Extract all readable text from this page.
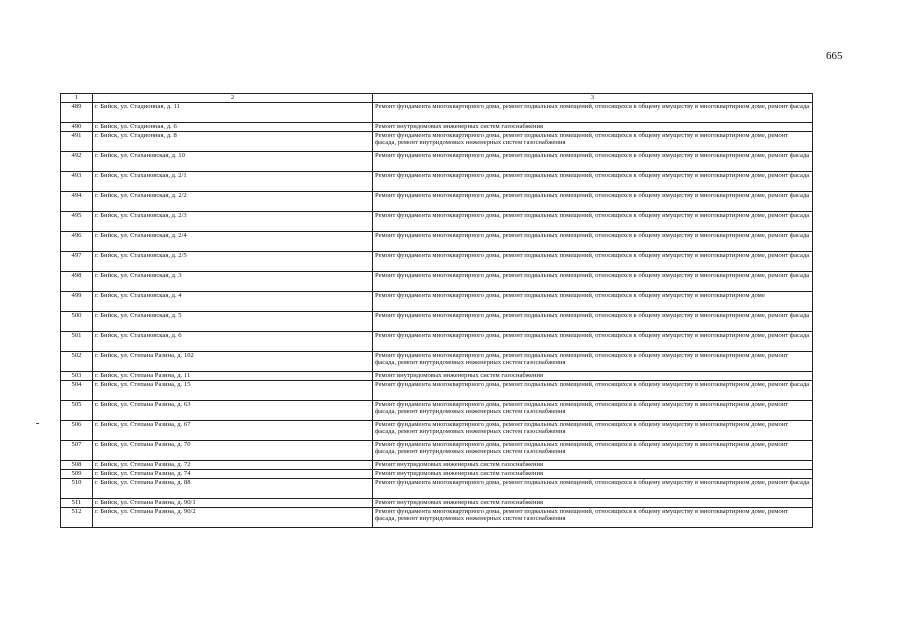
665
1	2	3
489	г. Бийск, ул. Стадионная, д. 11	Ремонт фундамента многоквартирного дома, ремонт подвальных помещений, относящихся к общему имуществу в многоквартирном доме, ремонт фасада
490	г. Бийск, ул. Стадионная, д. 6	Ремонт внутридомовых инженерных систем газоснабжения
491	г. Бийск, ул. Стадионная, д. 8	Ремонт фундамента многоквартирного дома, ремонт подвальных помещений, относящихся к общему имуществу в многоквартирном доме, ремонт фасада, ремонт внутридомовых инженерных систем газоснабжения
492	г. Бийск, ул. Стахановская, д. 10	Ремонт фундамента многоквартирного дома, ремонт подвальных помещений, относящихся к общему имуществу в многоквартирном доме, ремонт фасада
493	г. Бийск, ул. Стахановская, д. 2/1	Ремонт фундамента многоквартирного дома, ремонт подвальных помещений, относящихся к общему имуществу в многоквартирном доме, ремонт фасада
494	г. Бийск, ул. Стахановская, д. 2/2	Ремонт фундамента многоквартирного дома, ремонт подвальных помещений, относящихся к общему имуществу в многоквартирном доме, ремонт фасада
495	г. Бийск, ул. Стахановская, д. 2/3	Ремонт фундамента многоквартирного дома, ремонт подвальных помещений, относящихся к общему имуществу в многоквартирном доме, ремонт фасада
496	г. Бийск, ул. Стахановская, д. 2/4	Ремонт фундамента многоквартирного дома, ремонт подвальных помещений, относящихся к общему имуществу в многоквартирном доме, ремонт фасада
497	г. Бийск, ул. Стахановская, д. 2/5	Ремонт фундамента многоквартирного дома, ремонт подвальных помещений, относящихся к общему имуществу в многоквартирном доме, ремонт фасада
498	г. Бийск, ул. Стахановская, д. 3	Ремонт фундамента многоквартирного дома, ремонт подвальных помещений, относящихся к общему имуществу в многоквартирном доме, ремонт фасада
499	г. Бийск, ул. Стахановская, д. 4	Ремонт фундамента многоквартирного дома, ремонт подвальных помещений, относящихся к общему имуществу в многоквартирном доме
500	г. Бийск, ул. Стахановская, д. 5	Ремонт фундамента многоквартирного дома, ремонт подвальных помещений, относящихся к общему имуществу в многоквартирном доме, ремонт фасада
501	г. Бийск, ул. Стахановская, д. 6	Ремонт фундамента многоквартирного дома, ремонт подвальных помещений, относящихся к общему имуществу в многоквартирном доме, ремонт фасада
502	г. Бийск, ул. Степана Разина, д. 102	Ремонт фундамента многоквартирного дома, ремонт подвальных помещений, относящихся к общему имуществу в многоквартирном доме, ремонт фасада, ремонт внутридомовых инженерных систем газоснабжения
503	г. Бийск, ул. Степана Разина, д. 11	Ремонт внутридомовых инженерных систем газоснабжения
504	г. Бийск, ул. Степана Разина, д. 15	Ремонт фундамента многоквартирного дома, ремонт подвальных помещений, относящихся к общему имуществу в многоквартирном доме, ремонт фасада
505	г. Бийск, ул. Степана Разина, д. 63	Ремонт фундамента многоквартирного дома, ремонт подвальных помещений, относящихся к общему имуществу в многоквартирном доме, ремонт фасада, ремонт внутридомовых инженерных систем газоснабжения
506	г. Бийск, ул. Степана Разина, д. 67	Ремонт фундамента многоквартирного дома, ремонт подвальных помещений, относящихся к общему имуществу в многоквартирном доме, ремонт фасада, ремонт внутридомовых инженерных систем газоснабжения
507	г. Бийск, ул. Степана Разина, д. 70	Ремонт фундамента многоквартирного дома, ремонт подвальных помещений, относящихся к общему имуществу в многоквартирном доме, ремонт фасада, ремонт внутридомовых инженерных систем газоснабжения
508	г. Бийск, ул. Степана Разина, д. 72	Ремонт внутридомовых инженерных систем газоснабжения
509	г. Бийск, ул. Степана Разина, д. 74	Ремонт внутридомовых инженерных систем газоснабжения
510	г. Бийск, ул. Степана Разина, д. 88	Ремонт фундамента многоквартирного дома, ремонт подвальных помещений, относящихся к общему имуществу в многоквартирном доме, ремонт фасада
511	г. Бийск, ул. Степана Разина, д. 90/1	Ремонт внутридомовых инженерных систем газоснабжения
512	г. Бийск, ул. Степана Разина, д. 90/2	Ремонт фундамента многоквартирного дома, ремонт подвальных помещений, относящихся к общему имуществу в многоквартирном доме, ремонт фасада, ремонт внутридомовых инженерных систем газоснабжения
